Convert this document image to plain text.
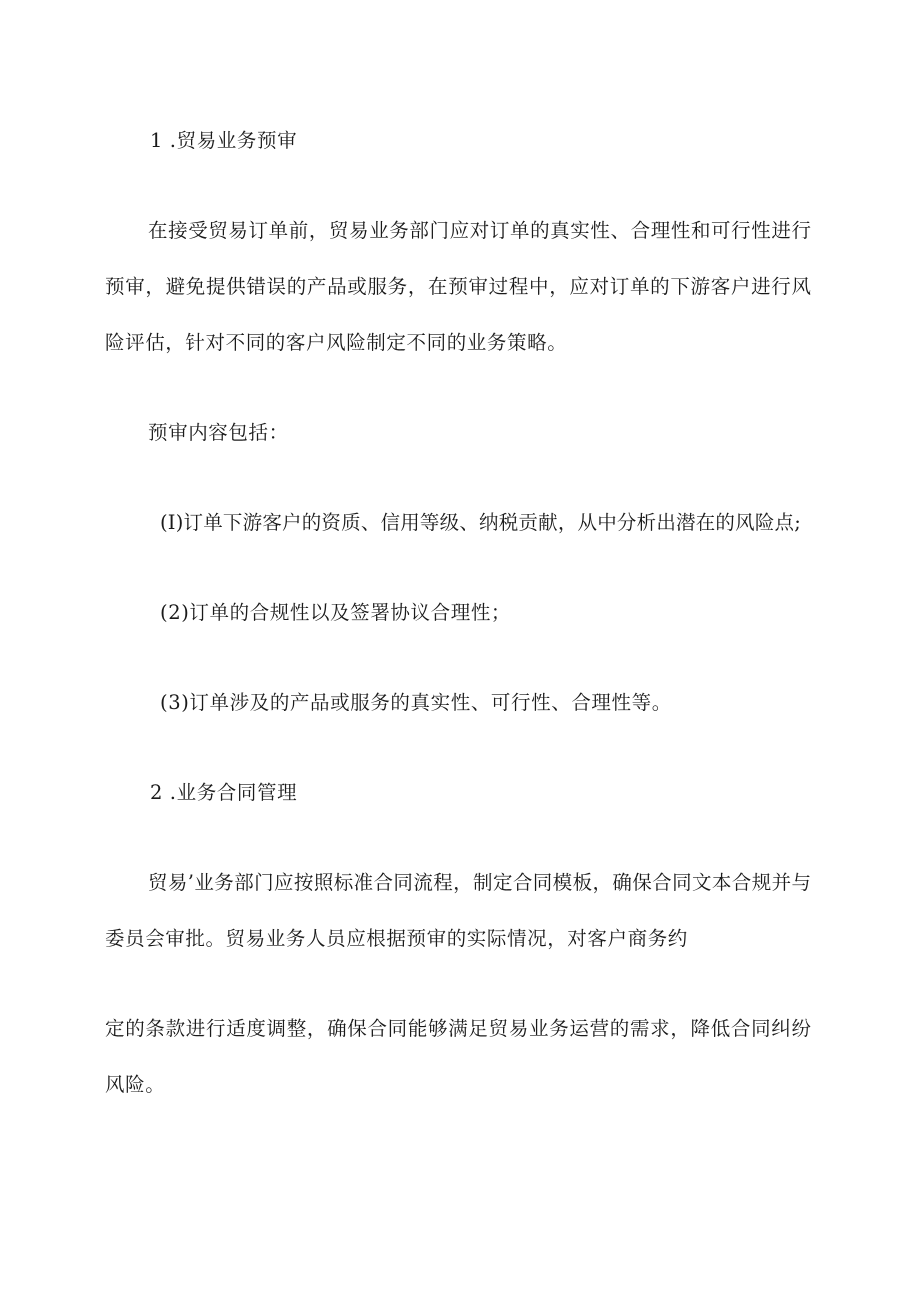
1 .贸易业务预审
在接受贸易订单前，贸易业务部门应对订单的真实性、合理性和可行性进行
预审，避免提供错误的产品或服务，在预审过程中，应对订单的下游客户进行风
险评估，针对不同的客户风险制定不同的业务策略。
预审内容包括：
(I)订单下游客户的资质、信用等级、纳税贡献，从中分析出潜在的风险点;
(2)订单的合规性以及签署协议合理性；
(3)订单涉及的产品或服务的真实性、可行性、合理性等。
2 .业务合同管理
贸易’业务部门应按照标准合同流程，制定合同模板，确保合同文本合规并与
委员会审批。贸易业务人员应根据预审的实际情况，对客户商务约
定的条款进行适度调整，确保合同能够满足贸易业务运营的需求，降低合同纠纷
风险。
